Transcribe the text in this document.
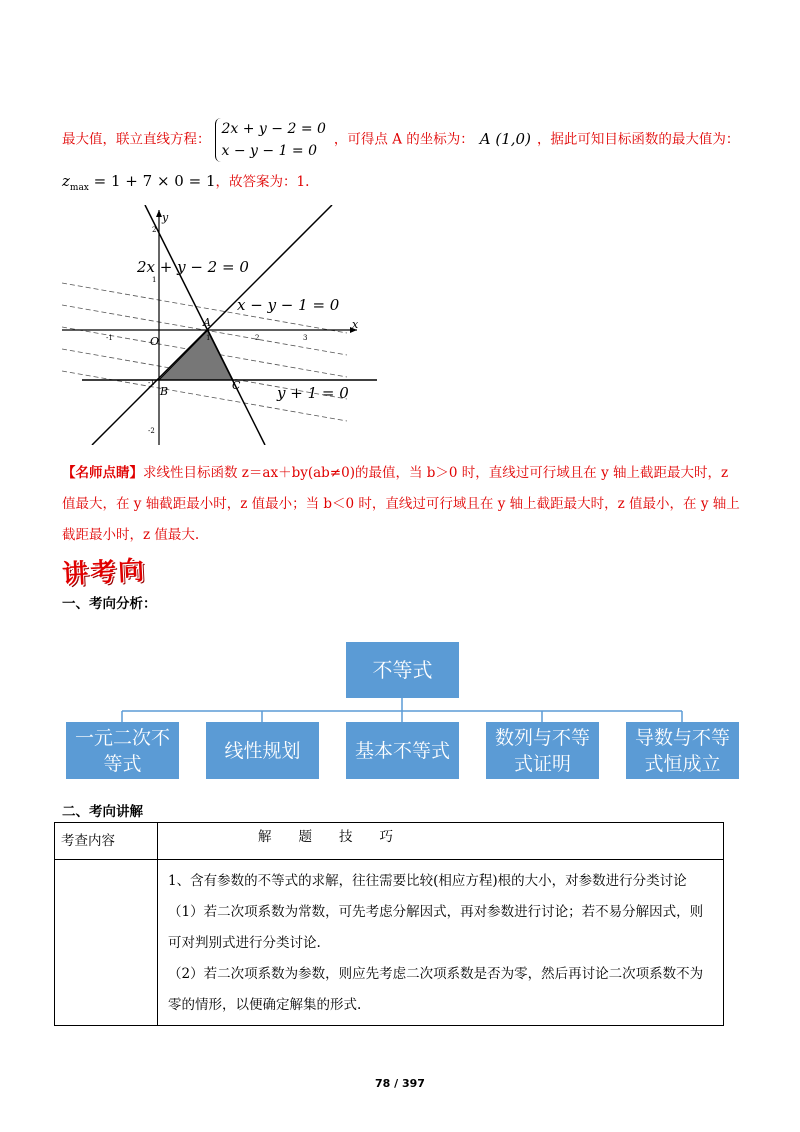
最大值，联立直线方程：
2x + y − 2 = 0
x − y − 1 = 0
，可得点 A 的坐标为： A (1,0) ，据此可知目标函数的最大值为：
$z_{max} = 1 + 7 \times 0 = 1$，故答案为：1.
2
1
-1
-2
-1	1	2	3
y
x
O
A
B	C
2x + y − 2 = 0
x − y − 1 = 0
y + 1 = 0
【名师点睛】求线性目标函数 z＝ax＋by(ab≠0)的最值，当 b＞0 时，直线过可行域且在 y 轴上截距最大时，z 值最大，在 y 轴截距最小时，z 值最小；当 b＜0 时，直线过可行域且在 y 轴上截距最大时，z 值最小，在 y 轴上截距最小时，z 值最大.
讲考向
一、考向分析：
不等式
一元二次不等式
线性规划	基本不等式
数列与不等式证明
导数与不等式恒成立
二、考向讲解
考查内容	解　　题　　技　　巧

	1、含有参数的不等式的求解，往往需要比较(相应方程)根的大小，对参数进行分类讨论
（1）若二次项系数为常数，可先考虑分解因式，再对参数进行讨论；若不易分解因式，则可对判别式进行分类讨论.
（2）若二次项系数为参数，则应先考虑二次项系数是否为零，然后再讨论二次项系数不为零的情形，以便确定解集的形式.
78 / 397
